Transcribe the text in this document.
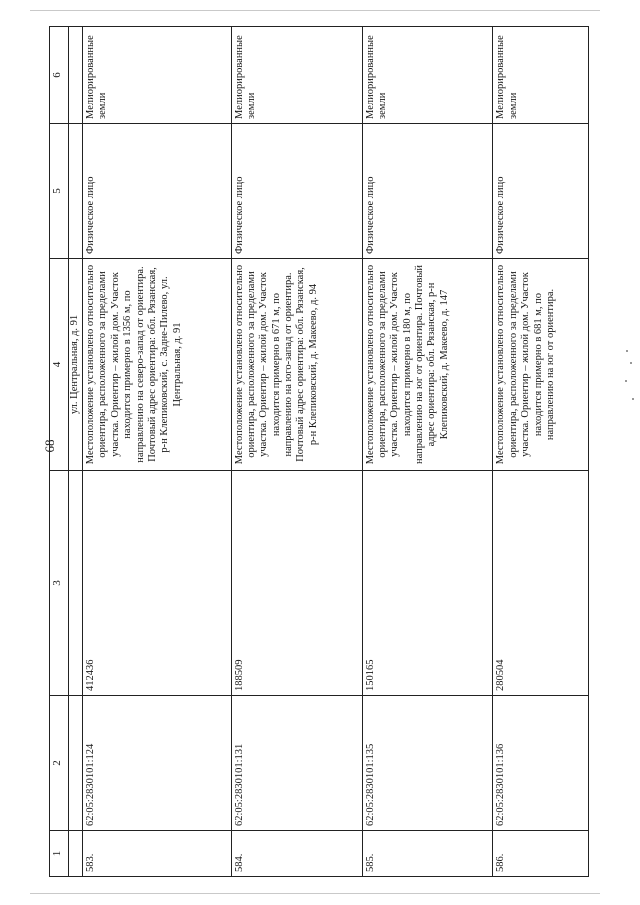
68
1	2	3	4	5	6
			ул. Центральная, д. 91		
583.	62:05:2830101:124	412436	Местоположение установлено относительно ориентира, расположенного за пределами участка. Ориентир – жилой дом. Участок находится примерно в 1356 м, по направлению на северо-запад от ориентира. Почтовый адрес ориентира: обл. Рязанская, р-н Клепиковский, с. Задне-Пилево, ул. Центральная, д. 91	Физическое лицо	Мелиорированные земли
584.	62:05:2830101:131	188509	Местоположение установлено относительно ориентира, расположенного за пределами участка. Ориентир – жилой дом. Участок находится примерно в 671 м, по направлению на юго-запад от ориентира. Почтовый адрес ориентира: обл. Рязанская, р-н Клепиковский, д. Макеево, д. 94	Физическое лицо	Мелиорированные земли
585.	62:05:2830101:135	150165	Местоположение установлено относительно ориентира, расположенного за пределами участка. Ориентир – жилой дом. Участок находится примерно в 180 м, по направлению на юг от ориентира. Почтовый адрес ориентира: обл. Рязанская, р-н Клепиковский, д. Макеево, д. 147	Физическое лицо	Мелиорированные земли
586.	62:05:2830101:136	280504	Местоположение установлено относительно ориентира, расположенного за пределами участка. Ориентир – жилой дом. Участок находится примерно в 681 м, по направлению на юг от ориентира.	Физическое лицо	Мелиорированные земли
